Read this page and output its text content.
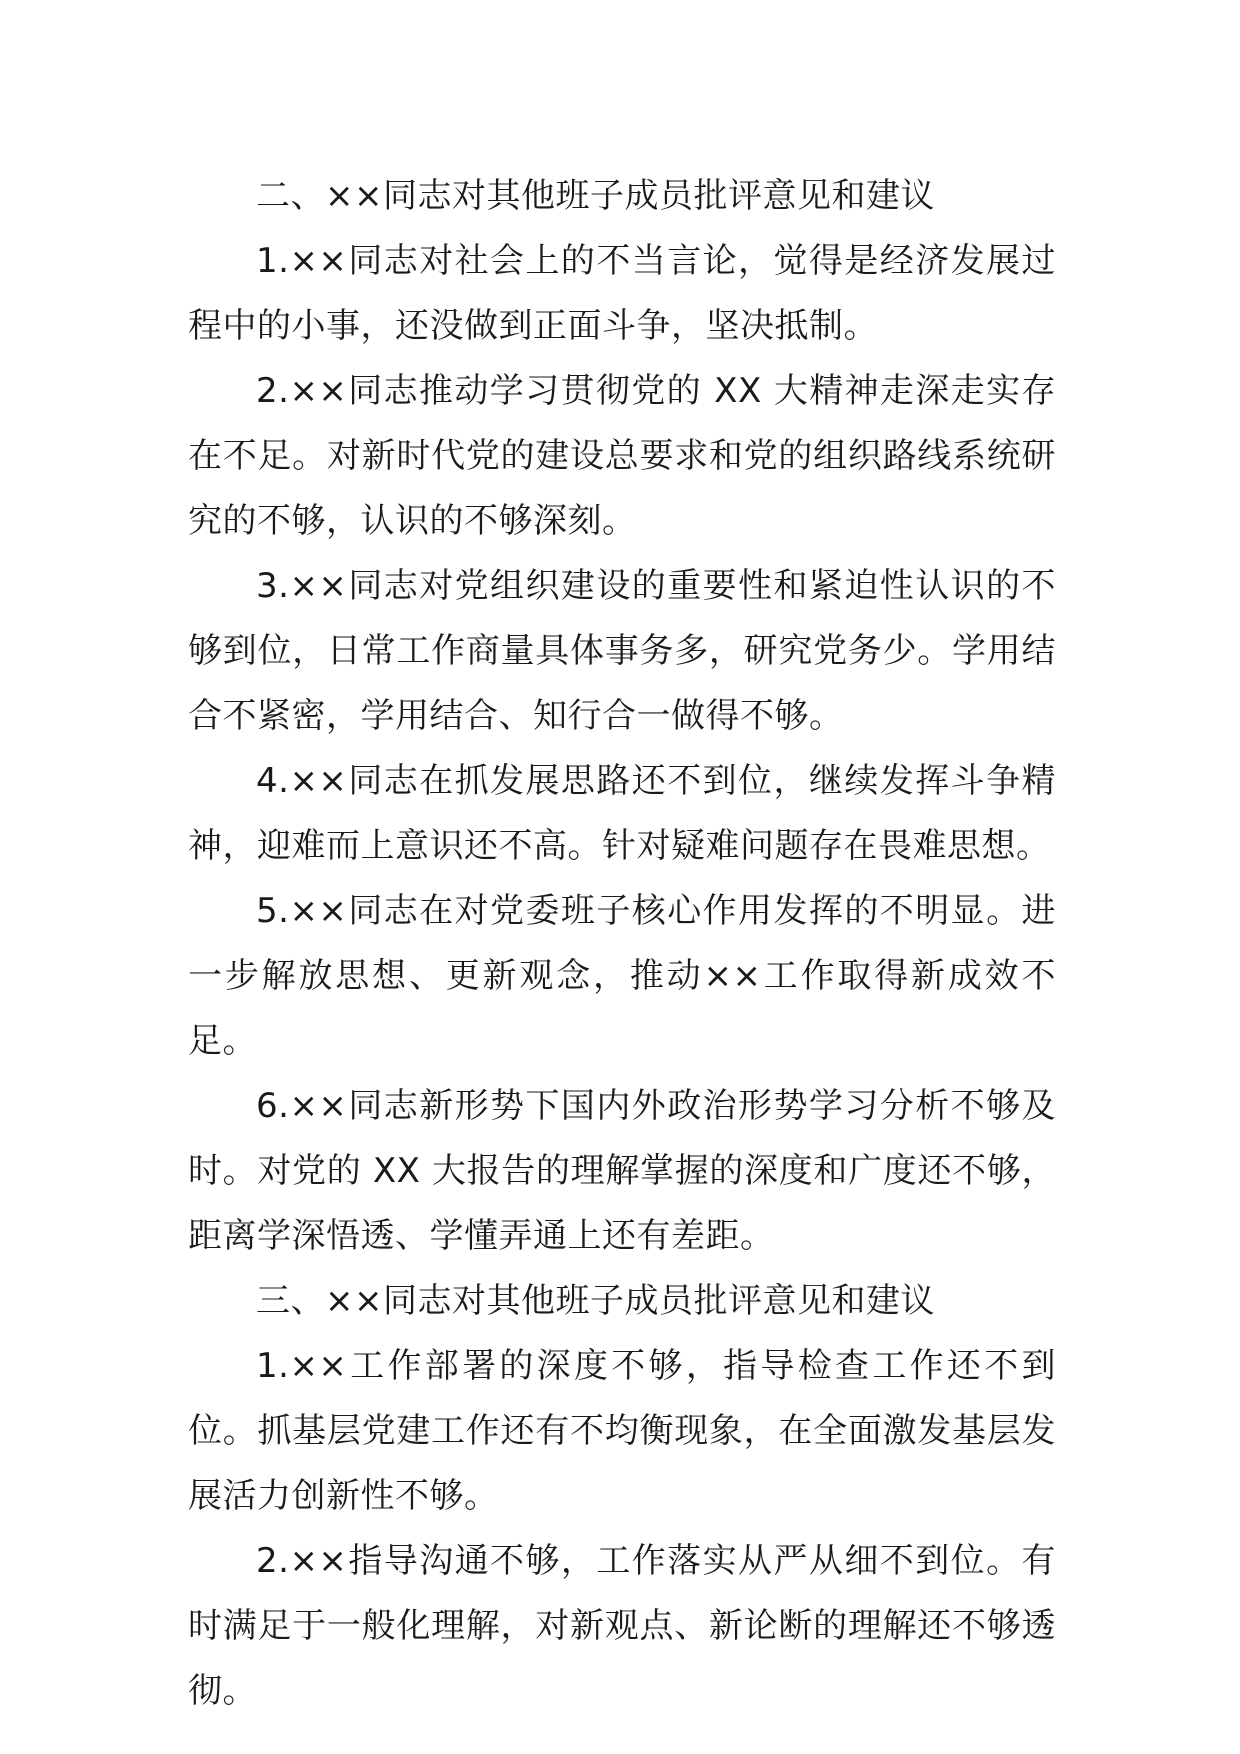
二、××同志对其他班子成员批评意见和建议

1.××同志对社会上的不当言论，觉得是经济发展过程中的小事，还没做到正面斗争，坚决抵制。

2.××同志推动学习贯彻党的 XX 大精神走深走实存在不足。对新时代党的建设总要求和党的组织路线系统研究的不够，认识的不够深刻。

3.××同志对党组织建设的重要性和紧迫性认识的不够到位，日常工作商量具体事务多，研究党务少。学用结合不紧密，学用结合、知行合一做得不够。

4.××同志在抓发展思路还不到位，继续发挥斗争精神，迎难而上意识还不高。针对疑难问题存在畏难思想。

5.××同志在对党委班子核心作用发挥的不明显。进一步解放思想、更新观念，推动××工作取得新成效不足。

6.××同志新形势下国内外政治形势学习分析不够及时。对党的 XX 大报告的理解掌握的深度和广度还不够，距离学深悟透、学懂弄通上还有差距。

三、××同志对其他班子成员批评意见和建议

1.××工作部署的深度不够，指导检查工作还不到位。抓基层党建工作还有不均衡现象，在全面激发基层发展活力创新性不够。

2.××指导沟通不够，工作落实从严从细不到位。有时满足于一般化理解，对新观点、新论断的理解还不够透彻。
